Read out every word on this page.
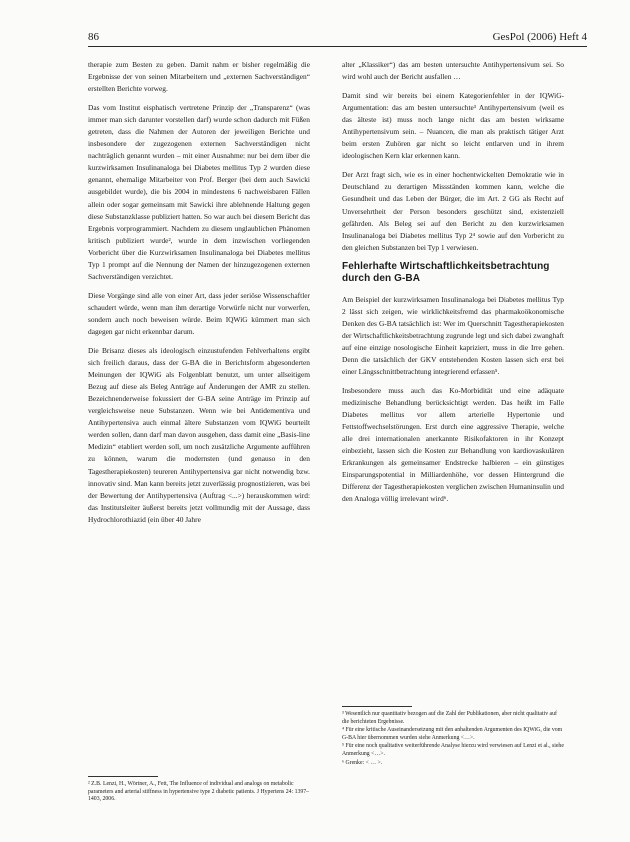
86	GesPol (2006) Heft 4

therapie zum Besten zu geben. Damit nahm er bisher regelmäßig die Ergebnisse der von seinen Mitarbeitern und „externen Sachverständigen“ erstellten Berichte vorweg.

Das vom Institut eisphatisch vertretene Prinzip der „Transparenz“ (was immer man sich darunter vorstellen darf) wurde schon dadurch mit Füßen getreten, dass die Nahmen der Autoren der jeweiligen Berichte und insbesondere der zugezogenen externen Sachverständigen nicht nachträglich genannt wurden – mit einer Ausnahme: nur bei dem über die kurzwirksamen Insulinanaloga bei Diabetes mellitus Typ 2 wurden diese genannt, ehemalige Mitarbeiter von Prof. Berger (bei dem auch Sawicki ausgebildet wurde), die bis 2004 in mindestens 6 nachweisbaren Fällen allein oder sogar gemeinsam mit Sawicki ihre ablehnende Haltung gegen diese Substanzklasse publiziert hatten. So war auch bei diesem Bericht das Ergebnis vorprogrammiert. Nachdem zu diesem unglaublichen Phänomen kritisch publiziert wurde², wurde in dem inzwischen vorliegenden Vorbericht über die Kurzwirksamen Insulinanaloga bei Diabetes mellitus Typ 1 prompt auf die Nennung der Namen der hinzugezogenen externen Sachverständigen verzichtet.

Diese Vorgänge sind alle von einer Art, dass jeder seriöse Wissenschaftler schaudert würde, wenn man ihm derartige Vorwürfe nicht nur vorwerfen, sondern auch noch beweisen würde. Beim IQWiG kümmert man sich dagegen gar nicht erkennbar darum.

Die Brisanz dieses als ideologisch einzustufenden Fehlverhaltens ergibt sich freilich daraus, dass der G-BA die in Berichtsform abgesonderten Meinungen der IQWiG als Folgenblatt benutzt, um unter allseitigem Bezug auf diese als Beleg Anträge auf Änderungen der AMR zu stellen. Bezeichnenderweise fokussiert der G-BA seine Anträge im Prinzip auf vergleichsweise neue Substanzen. Wenn wie bei Antidementiva und Antihypertensiva auch einmal ältere Substanzen vom IQWiG beurteilt werden sollen, dann darf man davon ausgehen, dass damit eine „Basis-line Medizin“ etabliert werden soll, um noch zusätzliche Argumente aufführen zu können, warum die modernsten (und genauso in den Tagestherapiekosten) teureren Antihypertensiva gar nicht notwendig bzw. innovativ sind. Man kann bereits jetzt zuverlässig prognostizieren, was bei der Bewertung der Antihypertensiva (Auftrag <...>) herauskommen wird: das Institutsleiter äußerst bereits jetzt vollmundig mit der Aussage, dass Hydrochlorothiazid (ein über 40 Jahre

² Z.B. Lenzi, H., Wörtner, A., Fett, The Influence of individual and analogs on metabolic parameters and arterial stiffness in hypertensive type 2 diabetic patients. J Hypertens 24: 1397–1403, 2006.

alter „Klassiker“) das am besten untersuchte Antihypertensivum sei. So wird wohl auch der Bericht ausfallen …

Damit sind wir bereits bei einem Kategorienfehler in der IQWiG-Argumentation: das am besten untersuchte³ Antihypertensivum (weil es das älteste ist) muss noch lange nicht das am besten wirksame Antihypertensivum sein. – Nuancen, die man als praktisch tätiger Arzt beim ersten Zuhören gar nicht so leicht entlarven und in ihrem ideologischen Kern klar erkennen kann.

Der Arzt fragt sich, wie es in einer hochentwickelten Demokratie wie in Deutschland zu derartigen Missständen kommen kann, welche die Gesundheit und das Leben der Bürger, die im Art. 2 GG als Recht auf Unversehrtheit der Person besonders geschützt sind, existenziell gefährden. Als Beleg sei auf den Bericht zu den kurzwirksamen Insulinanaloga bei Diabetes mellitus Typ 2⁴ sowie auf den Vorbericht zu den gleichen Substanzen bei Typ 1 verwiesen.

Fehlerhafte Wirtschaftlichkeitsbetrachtung durch den G-BA

Am Beispiel der kurzwirksamen Insulinanaloga bei Diabetes mellitus Typ 2 lässt sich zeigen, wie wirklichkeitsfremd das pharmakoökonomische Denken des G-BA tatsächlich ist: Wer im Querschnitt Tagestherapiekosten der Wirtschaftlichkeitsbetrachtung zugrunde legt und sich dabei zwanghaft auf eine einzige nosologische Einheit kapriziert, muss in die Irre gehen. Denn die tatsächlich der GKV entstehenden Kosten lassen sich erst bei einer Längsschnittbetrachtung integrierend erfassen⁵.

Insbesondere muss auch das Ko-Morbidität und eine adäquate medizinische Behandlung berücksichtigt werden. Das heißt im Falle Diabetes mellitus vor allem arterielle Hypertonie und Fettstoffwechselstörungen. Erst durch eine aggressive Therapie, welche alle drei internationalen anerkannte Risikofaktoren in ihr Konzept einbezieht, lassen sich die Kosten zur Behandlung von kardiovaskulären Erkrankungen als gemeinsamer Endstrecke halbieren – ein günstiges Einsparungspotential in Milliardenhöhe, vor dessen Hintergrund die Differenz der Tagestherapiekosten verglichen zwischen Humaninsulin und den Analoga völlig irrelevant wird⁶.

³ Wesentlich nur quantitativ bezogen auf die Zahl der Publikationen, aber nicht qualitativ auf die berichteten Ergebnisse.

⁴ Für eine kritische Auseinandersetzung mit den anhaltenden Argumenten des IQWiG, die vom G-BA hier übernommen wurden siehe Anmerkung <…>.

⁵ Für eine noch qualitative weiterführende Analyse hierzu wird verwiesen auf Lenzi et al., siehe Anmerkung <…>.

⁶ Grenke: < … >.
